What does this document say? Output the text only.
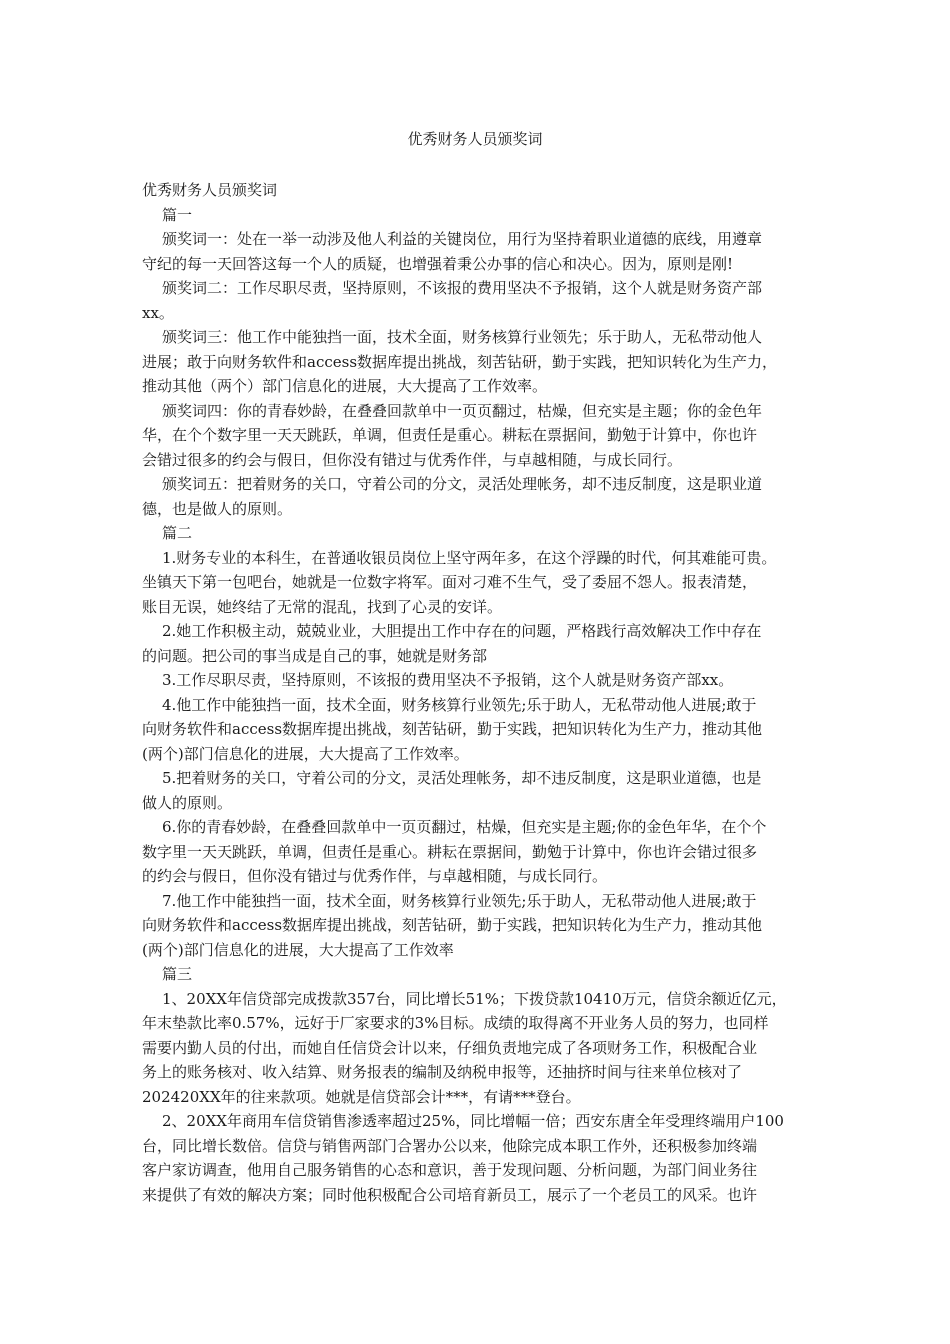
优秀财务人员颁奖词
优秀财务人员颁奖词
篇一
颁奖词一：处在一举一动涉及他人利益的关键岗位，用行为坚持着职业道德的底线，用遵章
守纪的每一天回答这每一个人的质疑，也增强着秉公办事的信心和决心。因为，原则是刚!
颁奖词二：工作尽职尽责，坚持原则，不该报的费用坚决不予报销，这个人就是财务资产部
xx。
颁奖词三：他工作中能独挡一面，技术全面，财务核算行业领先；乐于助人，无私带动他人
进展；敢于向财务软件和access数据库提出挑战，刻苦钻研，勤于实践，把知识转化为生产力，
推动其他（两个）部门信息化的进展，大大提高了工作效率。
颁奖词四：你的青春妙龄，在叠叠回款单中一页页翻过，枯燥，但充实是主题；你的金色年
华，在个个数字里一天天跳跃，单调，但责任是重心。耕耘在票据间，勤勉于计算中，你也许
会错过很多的约会与假日，但你没有错过与优秀作伴，与卓越相随，与成长同行。
颁奖词五：把着财务的关口，守着公司的分文，灵活处理帐务，却不违反制度，这是职业道
德，也是做人的原则。
篇二
1.财务专业的本科生，在普通收银员岗位上坚守两年多，在这个浮躁的时代，何其难能可贵。
坐镇天下第一包吧台，她就是一位数字将军。面对刁难不生气，受了委屈不怨人。报表清楚，
账目无误，她终结了无常的混乱，找到了心灵的安详。
2.她工作积极主动，兢兢业业，大胆提出工作中存在的问题，严格践行高效解决工作中存在
的问题。把公司的事当成是自己的事，她就是财务部
3.工作尽职尽责，坚持原则，不该报的费用坚决不予报销，这个人就是财务资产部xx。
4.他工作中能独挡一面，技术全面，财务核算行业领先;乐于助人，无私带动他人进展;敢于
向财务软件和access数据库提出挑战，刻苦钻研，勤于实践，把知识转化为生产力，推动其他
(两个)部门信息化的进展，大大提高了工作效率。
5.把着财务的关口，守着公司的分文，灵活处理帐务，却不违反制度，这是职业道德，也是
做人的原则。
6.你的青春妙龄，在叠叠回款单中一页页翻过，枯燥，但充实是主题;你的金色年华，在个个
数字里一天天跳跃，单调，但责任是重心。耕耘在票据间，勤勉于计算中，你也许会错过很多
的约会与假日，但你没有错过与优秀作伴，与卓越相随，与成长同行。
7.他工作中能独挡一面，技术全面，财务核算行业领先;乐于助人，无私带动他人进展;敢于
向财务软件和access数据库提出挑战，刻苦钻研，勤于实践，把知识转化为生产力，推动其他
(两个)部门信息化的进展，大大提高了工作效率
篇三
1、20XX年信贷部完成拨款357台，同比增长51%；下拨贷款10410万元，信贷余额近亿元，
年末垫款比率0.57%，远好于厂家要求的3%目标。成绩的取得离不开业务人员的努力，也同样
需要内勤人员的付出，而她自任信贷会计以来，仔细负责地完成了各项财务工作，积极配合业
务上的账务核对、收入结算、财务报表的编制及纳税申报等，还抽挤时间与往来单位核对了
202420XX年的往来款项。她就是信贷部会计***，有请***登台。
2、20XX年商用车信贷销售渗透率超过25%，同比增幅一倍；西安东唐全年受理终端用户100
台，同比增长数倍。信贷与销售两部门合署办公以来，他除完成本职工作外，还积极参加终端
客户家访调查，他用自己服务销售的心态和意识，善于发现问题、分析问题，为部门间业务往
来提供了有效的解决方案；同时他积极配合公司培育新员工，展示了一个老员工的风采。也许
